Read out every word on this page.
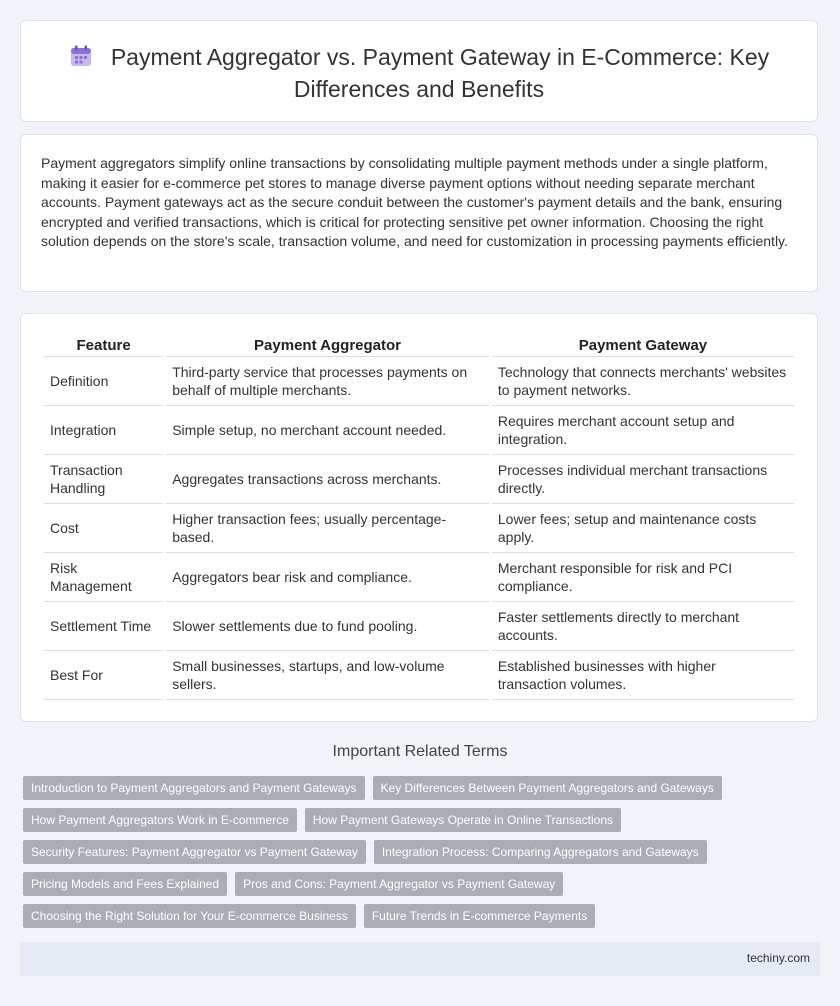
Payment Aggregator vs. Payment Gateway in E-Commerce: Key Differences and Benefits
Payment aggregators simplify online transactions by consolidating multiple payment methods under a single platform, making it easier for e-commerce pet stores to manage diverse payment options without needing separate merchant accounts. Payment gateways act as the secure conduit between the customer's payment details and the bank, ensuring encrypted and verified transactions, which is critical for protecting sensitive pet owner information. Choosing the right solution depends on the store's scale, transaction volume, and need for customization in processing payments efficiently.
Feature	Payment Aggregator	Payment Gateway
Definition	Third-party service that processes payments on behalf of multiple merchants.	Technology that connects merchants' websites to payment networks.
Integration	Simple setup, no merchant account needed.	Requires merchant account setup and integration.
Transaction Handling	Aggregates transactions across merchants.	Processes individual merchant transactions directly.
Cost	Higher transaction fees; usually percentage-based.	Lower fees; setup and maintenance costs apply.
Risk Management	Aggregators bear risk and compliance.	Merchant responsible for risk and PCI compliance.
Settlement Time	Slower settlements due to fund pooling.	Faster settlements directly to merchant accounts.
Best For	Small businesses, startups, and low-volume sellers.	Established businesses with higher transaction volumes.
Important Related Terms
Introduction to Payment Aggregators and Payment Gateways	Key Differences Between Payment Aggregators and Gateways
How Payment Aggregators Work in E-commerce	How Payment Gateways Operate in Online Transactions
Security Features: Payment Aggregator vs Payment Gateway	Integration Process: Comparing Aggregators and Gateways
Pricing Models and Fees Explained	Pros and Cons: Payment Aggregator vs Payment Gateway
Choosing the Right Solution for Your E-commerce Business	Future Trends in E-commerce Payments
techiny.com
